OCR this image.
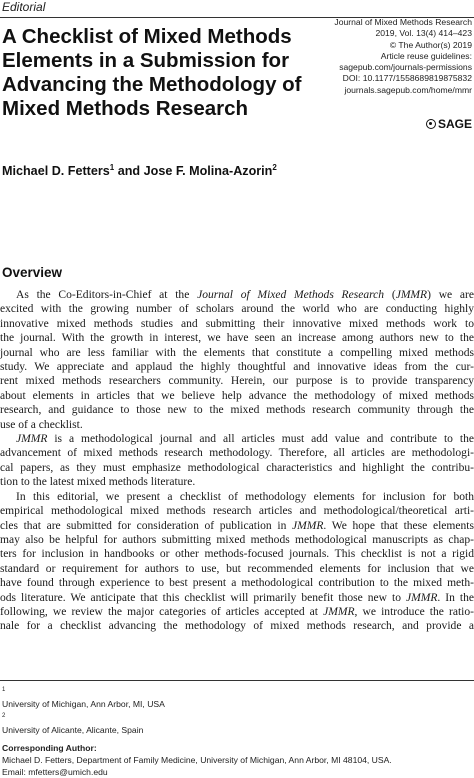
Editorial
A Checklist of Mixed Methods
Elements in a Submission for
Advancing the Methodology of
Mixed Methods Research
Journal of Mixed Methods Research
2019, Vol. 13(4) 414–423
© The Author(s) 2019
Article reuse guidelines:
sagepub.com/journals-permissions
DOI: 10.1177/1558689819875832
journals.sagepub.com/home/mmr
SAGE
Michael D. Fetters$^1$ and Jose F. Molina-Azorin$^2$
Overview
As the Co-Editors-in-Chief at the Journal of Mixed Methods Research (JMMR) we are
excited with the growing number of scholars around the world who are conducting highly
innovative mixed methods studies and submitting their innovative mixed methods work to
the journal. With the growth in interest, we have seen an increase among authors new to the
journal who are less familiar with the elements that constitute a compelling mixed methods
study. We appreciate and applaud the highly thoughtful and innovative ideas from the cur-
rent mixed methods researchers community. Herein, our purpose is to provide transparency
about elements in articles that we believe help advance the methodology of mixed methods
research, and guidance to those new to the mixed methods research community through the
use of a checklist.
JMMR is a methodological journal and all articles must add value and contribute to the
advancement of mixed methods research methodology. Therefore, all articles are methodologi-
cal papers, as they must emphasize methodological characteristics and highlight the contribu-
tion to the latest mixed methods literature.
In this editorial, we present a checklist of methodology elements for inclusion for both
empirical methodological mixed methods research articles and methodological/theoretical arti-
cles that are submitted for consideration of publication in JMMR. We hope that these elements
may also be helpful for authors submitting mixed methods methodological manuscripts as chap-
ters for inclusion in handbooks or other methods-focused journals. This checklist is not a rigid
standard or requirement for authors to use, but recommended elements for inclusion that we
have found through experience to best present a methodological contribution to the mixed meth-
ods literature. We anticipate that this checklist will primarily benefit those new to JMMR. In the
following, we review the major categories of articles accepted at JMMR, we introduce the ratio-
nale for a checklist advancing the methodology of mixed methods research, and provide a
$^1$
University of Michigan, Ann Arbor, MI, USA
$^2$
University of Alicante, Alicante, Spain
Corresponding Author:
Michael D. Fetters, Department of Family Medicine, University of Michigan, Ann Arbor, MI 48104, USA.
Email: mfetters@umich.edu
